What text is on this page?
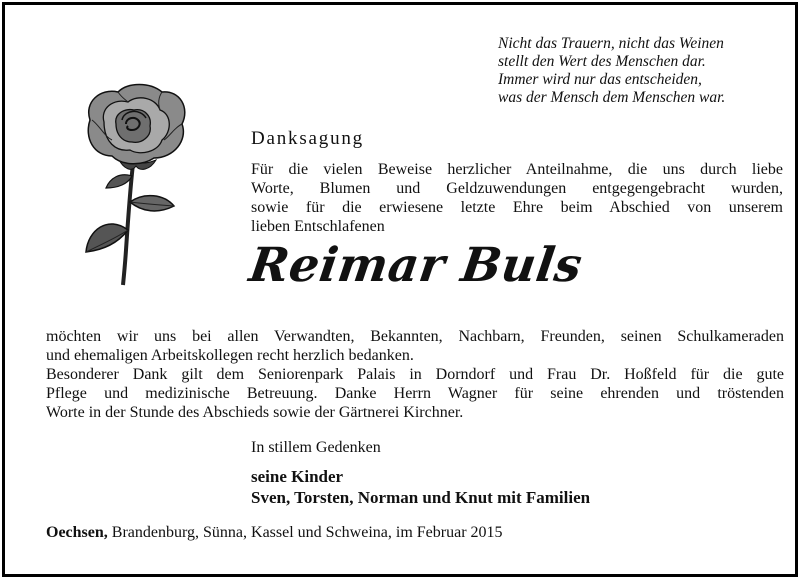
Nicht das Trauern, nicht das Weinen
stellt den Wert des Menschen dar.
Immer wird nur das entscheiden,
was der Mensch dem Menschen war.
Danksagung
Für die vielen Beweise herzlicher Anteilnahme, die uns durch liebe
Worte, Blumen und Geldzuwendungen entgegengebracht wurden,
sowie für die erwiesene letzte Ehre beim Abschied von unserem
lieben Entschlafenen
Reimar Buls
möchten wir uns bei allen Verwandten, Bekannten, Nachbarn, Freunden, seinen Schulkameraden
und ehemaligen Arbeitskollegen recht herzlich bedanken.
Besonderer Dank gilt dem Seniorenpark Palais in Dorndorf und Frau Dr. Hoßfeld für die gute
Pflege und medizinische Betreuung. Danke Herrn Wagner für seine ehrenden und tröstenden
Worte in der Stunde des Abschieds sowie der Gärtnerei Kirchner.
In stillem Gedenken
seine Kinder
Sven, Torsten, Norman und Knut mit Familien
Oechsen, Brandenburg, Sünna, Kassel und Schweina, im Februar 2015
